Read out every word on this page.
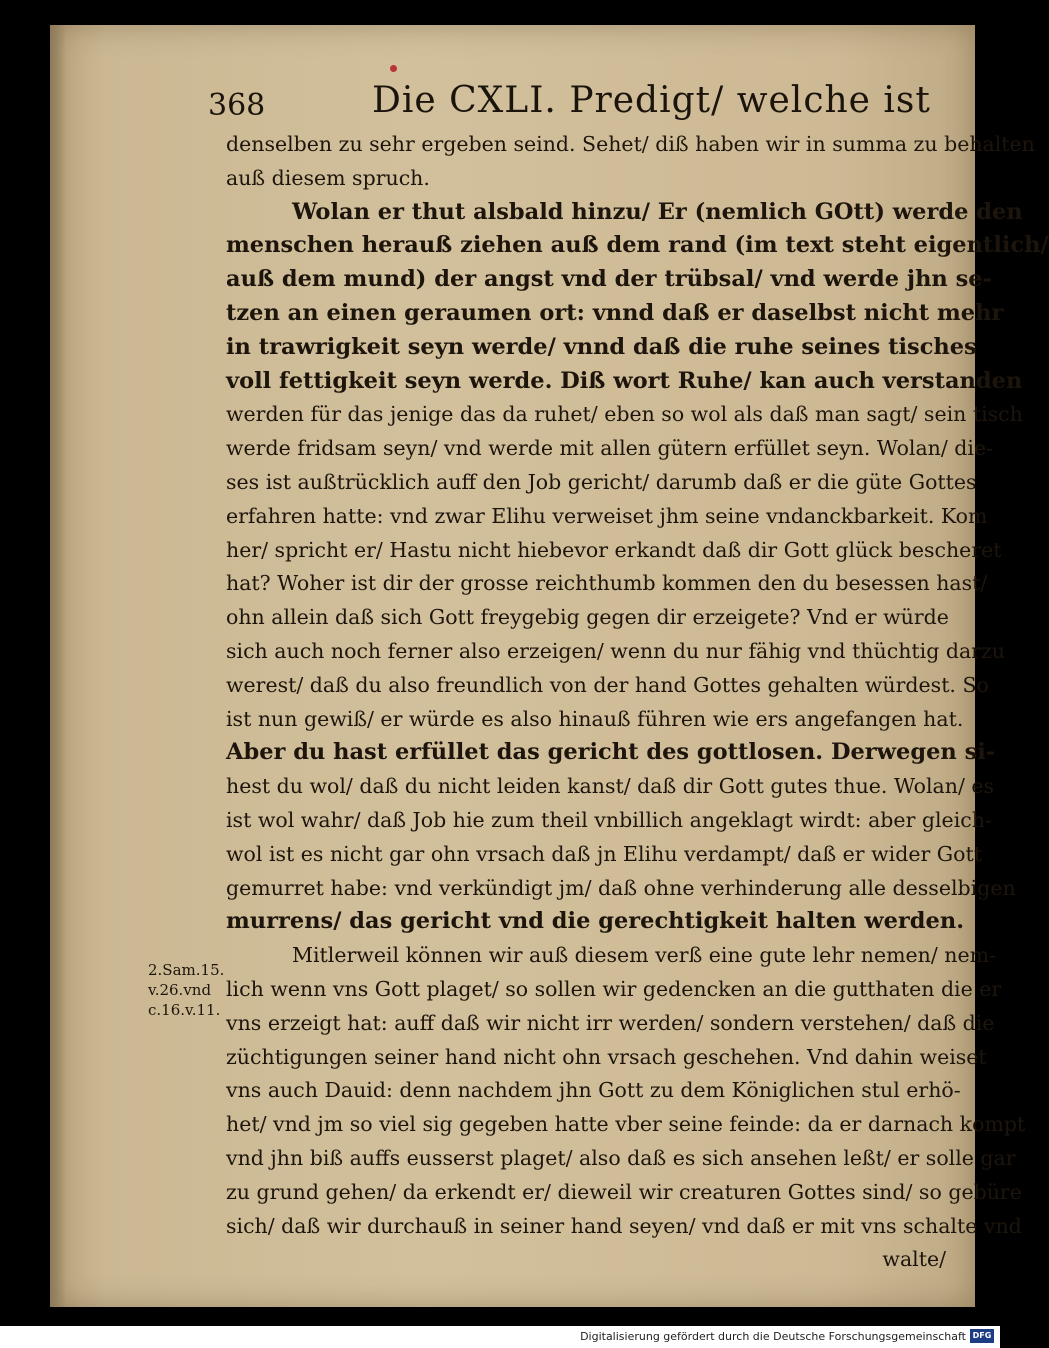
368	Die CXLI. Predigt/ welche ist
denselben zu sehr ergeben seind. Sehet/ diß haben wir in summa zu behalten
auß diesem spruch.
Wolan er thut alsbald hinzu/ Er (nemlich GOtt) werde den
menschen herauß ziehen auß dem rand (im text steht eigentlich/
auß dem mund) der angst vnd der trübsal/ vnd werde jhn se-
tzen an einen geraumen ort: vnnd daß er daselbst nicht mehr
in trawrigkeit seyn werde/ vnnd daß die ruhe seines tisches
voll fettigkeit seyn werde. Diß wort Ruhe/ kan auch verstanden
werden für das jenige das da ruhet/ eben so wol als daß man sagt/ sein tisch
werde fridsam seyn/ vnd werde mit allen gütern erfüllet seyn. Wolan/ die-
ses ist außtrücklich auff den Job gericht/ darumb daß er die güte Gottes
erfahren hatte: vnd zwar Elihu verweiset jhm seine vndanckbarkeit. Kom
her/ spricht er/ Hastu nicht hiebevor erkandt daß dir Gott glück bescheret
hat? Woher ist dir der grosse reichthumb kommen den du besessen hast/
ohn allein daß sich Gott freygebig gegen dir erzeigete? Vnd er würde
sich auch noch ferner also erzeigen/ wenn du nur fähig vnd thüchtig darzu
werest/ daß du also freundlich von der hand Gottes gehalten würdest. So
ist nun gewiß/ er würde es also hinauß führen wie ers angefangen hat.
Aber du hast erfüllet das gericht des gottlosen. Derwegen si-
hest du wol/ daß du nicht leiden kanst/ daß dir Gott gutes thue. Wolan/ es
ist wol wahr/ daß Job hie zum theil vnbillich angeklagt wirdt: aber gleich-
wol ist es nicht gar ohn vrsach daß jn Elihu verdampt/ daß er wider Gott
gemurret habe: vnd verkündigt jm/ daß ohne verhinderung alle desselbigen
murrens/ das gericht vnd die gerechtigkeit halten werden.
Mitlerweil können wir auß diesem verß eine gute lehr nemen/ nem-
lich wenn vns Gott plaget/ so sollen wir gedencken an die gutthaten die er
vns erzeigt hat: auff daß wir nicht irr werden/ sondern verstehen/ daß die
züchtigungen seiner hand nicht ohn vrsach geschehen. Vnd dahin weiset
vns auch Dauid: denn nachdem jhn Gott zu dem Königlichen stul erhö-
het/ vnd jm so viel sig gegeben hatte vber seine feinde: da er darnach kompt
vnd jhn biß auffs eusserst plaget/ also daß es sich ansehen leßt/ er solle gar
zu grund gehen/ da erkendt er/ dieweil wir creaturen Gottes sind/ so gebüre
sich/ daß wir durchauß in seiner hand seyen/ vnd daß er mit vns schalte vnd
walte/
2.Sam.15.
v.26.vnd
c.16.v.11.
Digitalisierung gefördert durch die Deutsche Forschungsgemeinschaft DFG
